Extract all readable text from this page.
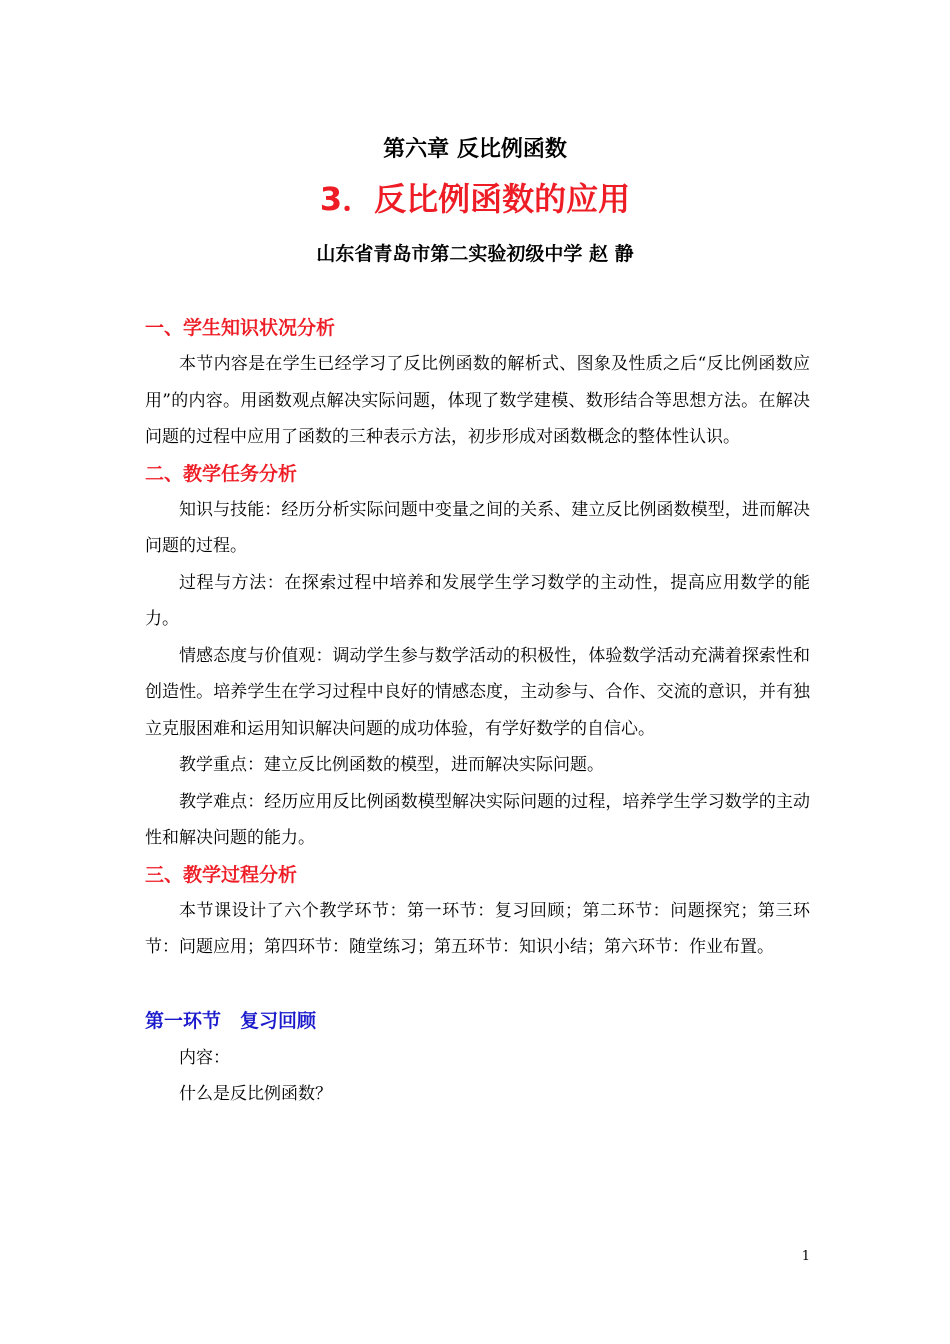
第六章 反比例函数
3．反比例函数的应用
山东省青岛市第二实验初级中学 赵 静
一、学生知识状况分析

本节内容是在学生已经学习了反比例函数的解析式、图象及性质之后“反比例函数应用”的内容。用函数观点解决实际问题，体现了数学建模、数形结合等思想方法。在解决问题的过程中应用了函数的三种表示方法，初步形成对函数概念的整体性认识。

二、教学任务分析

知识与技能：经历分析实际问题中变量之间的关系、建立反比例函数模型，进而解决问题的过程。

过程与方法：在探索过程中培养和发展学生学习数学的主动性，提高应用数学的能力。

情感态度与价值观：调动学生参与数学活动的积极性，体验数学活动充满着探索性和创造性。培养学生在学习过程中良好的情感态度，主动参与、合作、交流的意识，并有独立克服困难和运用知识解决问题的成功体验，有学好数学的自信心。

教学重点：建立反比例函数的模型，进而解决实际问题。

教学难点：经历应用反比例函数模型解决实际问题的过程，培养学生学习数学的主动性和解决问题的能力。

三、教学过程分析

本节课设计了六个教学环节：第一环节：复习回顾；第二环节：问题探究；第三环节：问题应用；第四环节：随堂练习；第五环节：知识小结；第六环节：作业布置。

第一环节　复习回顾

内容：

什么是反比例函数？

1
